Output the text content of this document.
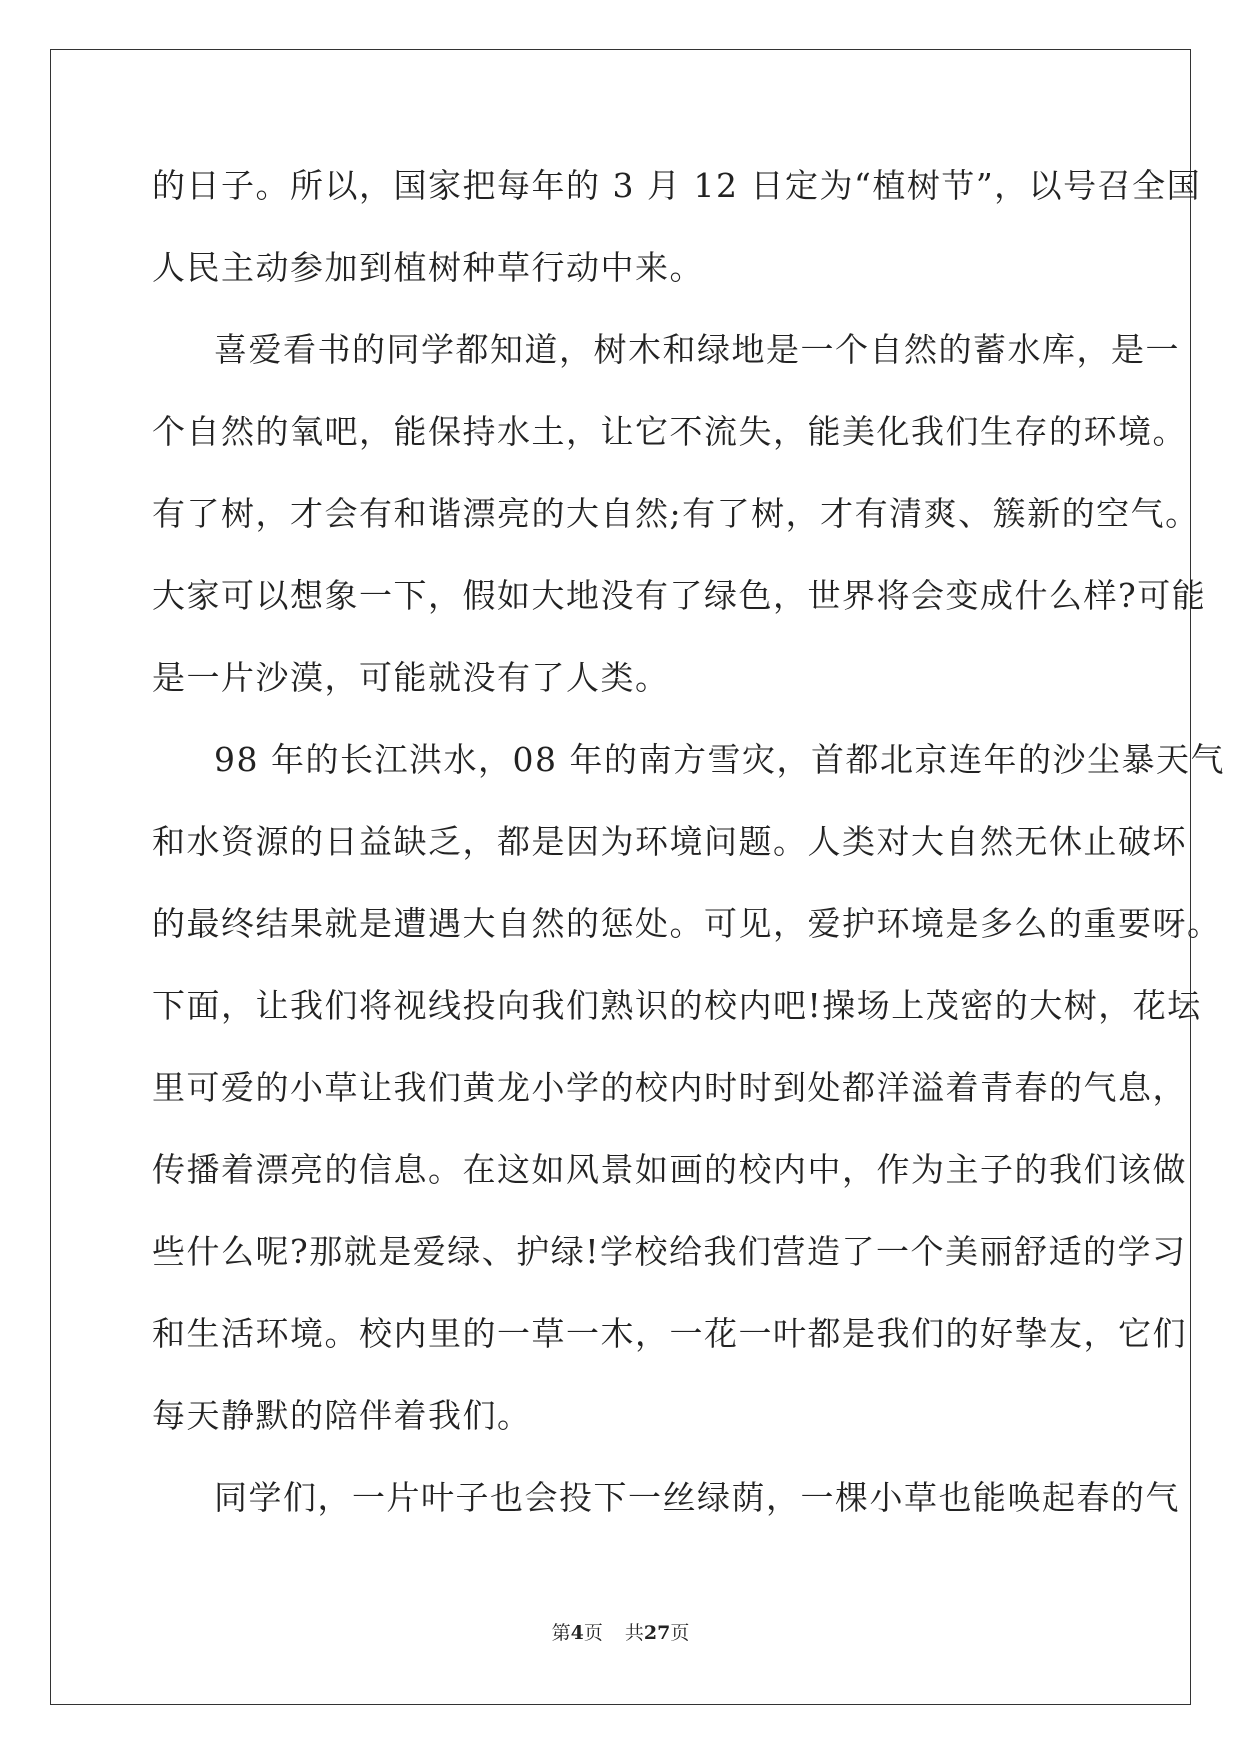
的日子。所以，国家把每年的 3 月 12 日定为“植树节”，以号召全国
人民主动参加到植树种草行动中来。
喜爱看书的同学都知道，树木和绿地是一个自然的蓄水库，是一
个自然的氧吧，能保持水土，让它不流失，能美化我们生存的环境。
有了树，才会有和谐漂亮的大自然;有了树，才有清爽、簇新的空气。
大家可以想象一下，假如大地没有了绿色，世界将会变成什么样?可能
是一片沙漠，可能就没有了人类。
98 年的长江洪水，08 年的南方雪灾，首都北京连年的沙尘暴天气
和水资源的日益缺乏，都是因为环境问题。人类对大自然无休止破坏
的最终结果就是遭遇大自然的惩处。可见，爱护环境是多么的重要呀。
下面，让我们将视线投向我们熟识的校内吧!操场上茂密的大树，花坛
里可爱的小草让我们黄龙小学的校内时时到处都洋溢着青春的气息，
传播着漂亮的信息。在这如风景如画的校内中，作为主子的我们该做
些什么呢?那就是爱绿、护绿!学校给我们营造了一个美丽舒适的学习
和生活环境。校内里的一草一木，一花一叶都是我们的好挚友，它们
每天静默的陪伴着我们。
同学们，一片叶子也会投下一丝绿荫，一棵小草也能唤起春的气
第4页 共27页
